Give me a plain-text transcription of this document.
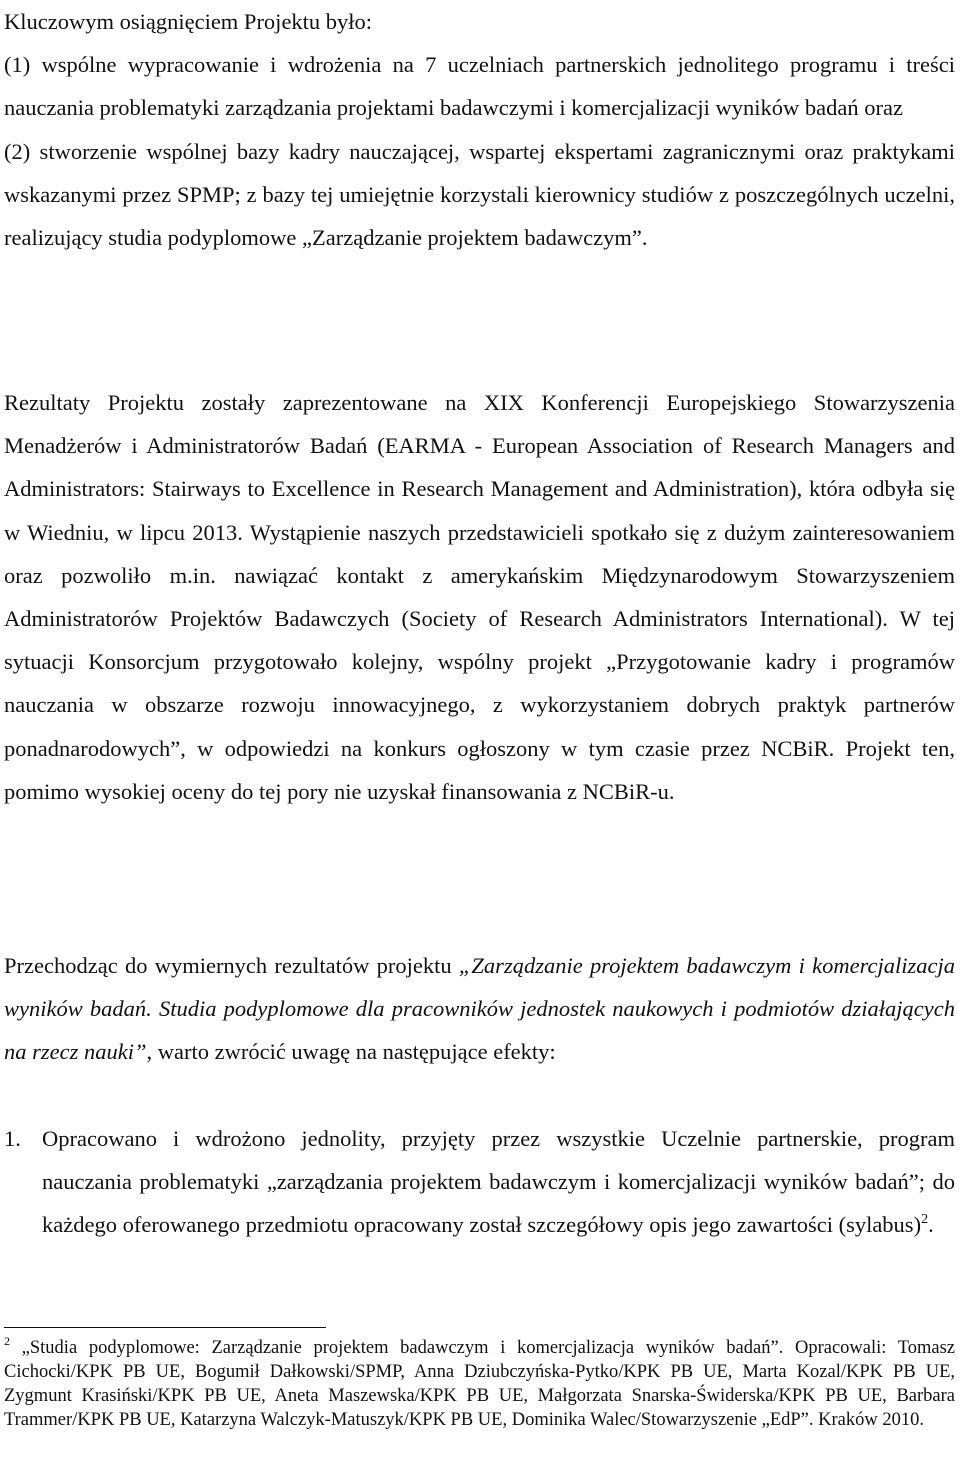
Kluczowym osiągnięciem Projektu było:

(1) wspólne wypracowanie i wdrożenia na 7 uczelniach partnerskich jednolitego programu i treści nauczania problematyki zarządzania projektami badawczymi i komercjalizacji wyników badań oraz

(2) stworzenie wspólnej bazy kadry nauczającej, wspartej ekspertami zagranicznymi oraz praktykami wskazanymi przez SPMP; z bazy tej umiejętnie korzystali kierownicy studiów z poszczególnych uczelni, realizujący studia podyplomowe „Zarządzanie projektem badawczym”.

Rezultaty Projektu zostały zaprezentowane na XIX Konferencji Europejskiego Stowarzyszenia Menadżerów i Administratorów Badań (EARMA - European Association of Research Managers and Administrators: Stairways to Excellence in Research Management and Administration), która odbyła się w Wiedniu, w lipcu 2013. Wystąpienie naszych przedstawicieli spotkało się z dużym zainteresowaniem oraz pozwoliło m.in. nawiązać kontakt z amerykańskim Międzynarodowym Stowarzyszeniem Administratorów Projektów Badawczych (Society of Research Administrators International). W tej sytuacji Konsorcjum przygotowało kolejny, wspólny projekt „Przygotowanie kadry i programów nauczania w obszarze rozwoju innowacyjnego, z wykorzystaniem dobrych praktyk partnerów ponadnarodowych”, w odpowiedzi na konkurs ogłoszony w tym czasie przez NCBiR. Projekt ten, pomimo wysokiej oceny do tej pory nie uzyskał finansowania z NCBiR-u.

Przechodząc do wymiernych rezultatów projektu „Zarządzanie projektem badawczym i komercjalizacja wyników badań. Studia podyplomowe dla pracowników jednostek naukowych i podmiotów działających na rzecz nauki”, warto zwrócić uwagę na następujące efekty:

1. Opracowano i wdrożono jednolity, przyjęty przez wszystkie Uczelnie partnerskie, program nauczania problematyki „zarządzania projektem badawczym i komercjalizacji wyników badań”; do każdego oferowanego przedmiotu opracowany został szczegółowy opis jego zawartości (sylabus)$^2$.

$^2$ „Studia podyplomowe: Zarządzanie projektem badawczym i komercjalizacja wyników badań”. Opracowali: Tomasz Cichocki/KPK PB UE, Bogumił Dałkowski/SPMP, Anna Dziubczyńska-Pytko/KPK PB UE, Marta Kozal/KPK PB UE, Zygmunt Krasiński/KPK PB UE, Aneta Maszewska/KPK PB UE, Małgorzata Snarska-Świderska/KPK PB UE, Barbara Trammer/KPK PB UE, Katarzyna Walczyk-Matuszyk/KPK PB UE, Dominika Walec/Stowarzyszenie „EdP”. Kraków 2010.
